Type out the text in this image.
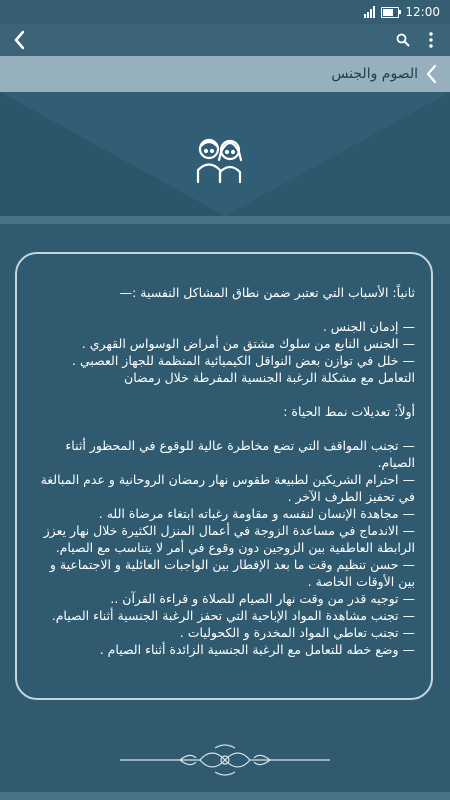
12:00
الصوم والجنس

ثانياً: الأسباب التي تعتبر ضمن نطاق المشاكل النفسية :—

— إدمان الجنس .

— الجنس النابع من سلوك مشتق من أمراض الوسواس القهري .

— خلل في توازن بعض النواقل الكيميائية المنظمة للجهاز العصبي .

التعامل مع مشكلة الرغبة الجنسية المفرطة خلال رمضان

أولاً: تعديلات نمط الحياة :

— تجنب المواقف التي تضع مخاطرة عالية للوقوع في المحظور أثناء الصيام.

— احترام الشريكين لطبيعة طقوس نهار رمضان الروحانية و عدم المبالغة في تحفيز الطرف الآخر .

— مجاهدة الإنسان لنفسه و مقاومة رغباته ابتغاء مرضاة الله .

— الاندماج في مساعدة الزوجة في أعمال المنزل الكثيرة خلال نهار يعزز الرابطة العاطفية بين الزوجين دون وقوع في أمر لا يتناسب مع الصيام.

— حسن تنظيم وقت ما بعد الإفطار بين الواجبات العائلية و الاجتماعية و بين الأوقات الخاصة .

— توجيه قدر من وقت نهار الصيام للصلاة و قراءة القرآن ..

— تجنب مشاهدة المواد الإباحية التي تحفز الرغبة الجنسية أثناء الصيام.

— تجنب تعاطي المواد المخدرة و الكحوليات .

— وضع خطه للتعامل مع الرغبة الجنسية الزائدة أثناء الصيام .
